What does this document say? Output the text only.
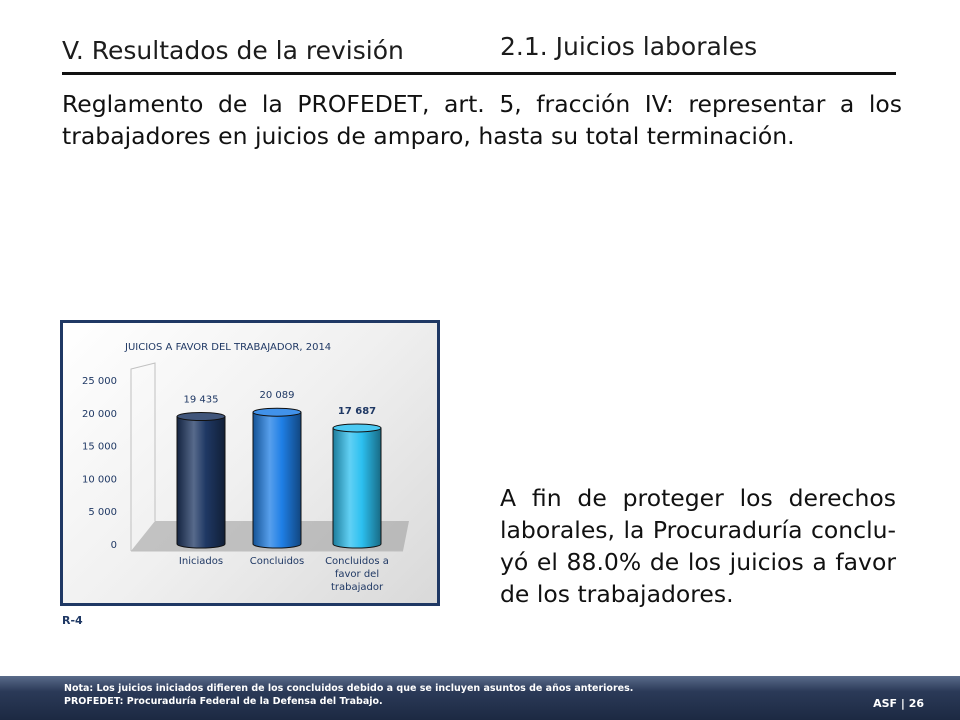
V. Resultados de la revisión	2.1. Juicios laborales
Reglamento de la PROFEDET, art. 5, fracción IV: representar a los trabajadores en juicios de amparo, hasta su total terminación.
JUICIOS A FAVOR DEL TRABAJADOR, 2014
0
5 000
10 000
15 000
20 000
25 000
19 435	20 089
17 687
Iniciados	Concluidos Concluidos a
favor del
trabajador
R-4
A fin de proteger los derechos laborales, la Procuraduría conclu-yó el 88.0% de los juicios a favor de los trabajadores.
Nota: Los juicios iniciados difieren de los concluidos debido a que se incluyen asuntos de años anteriores.
PROFEDET: Procuraduría Federal de la Defensa del Trabajo.	ASF | 26
